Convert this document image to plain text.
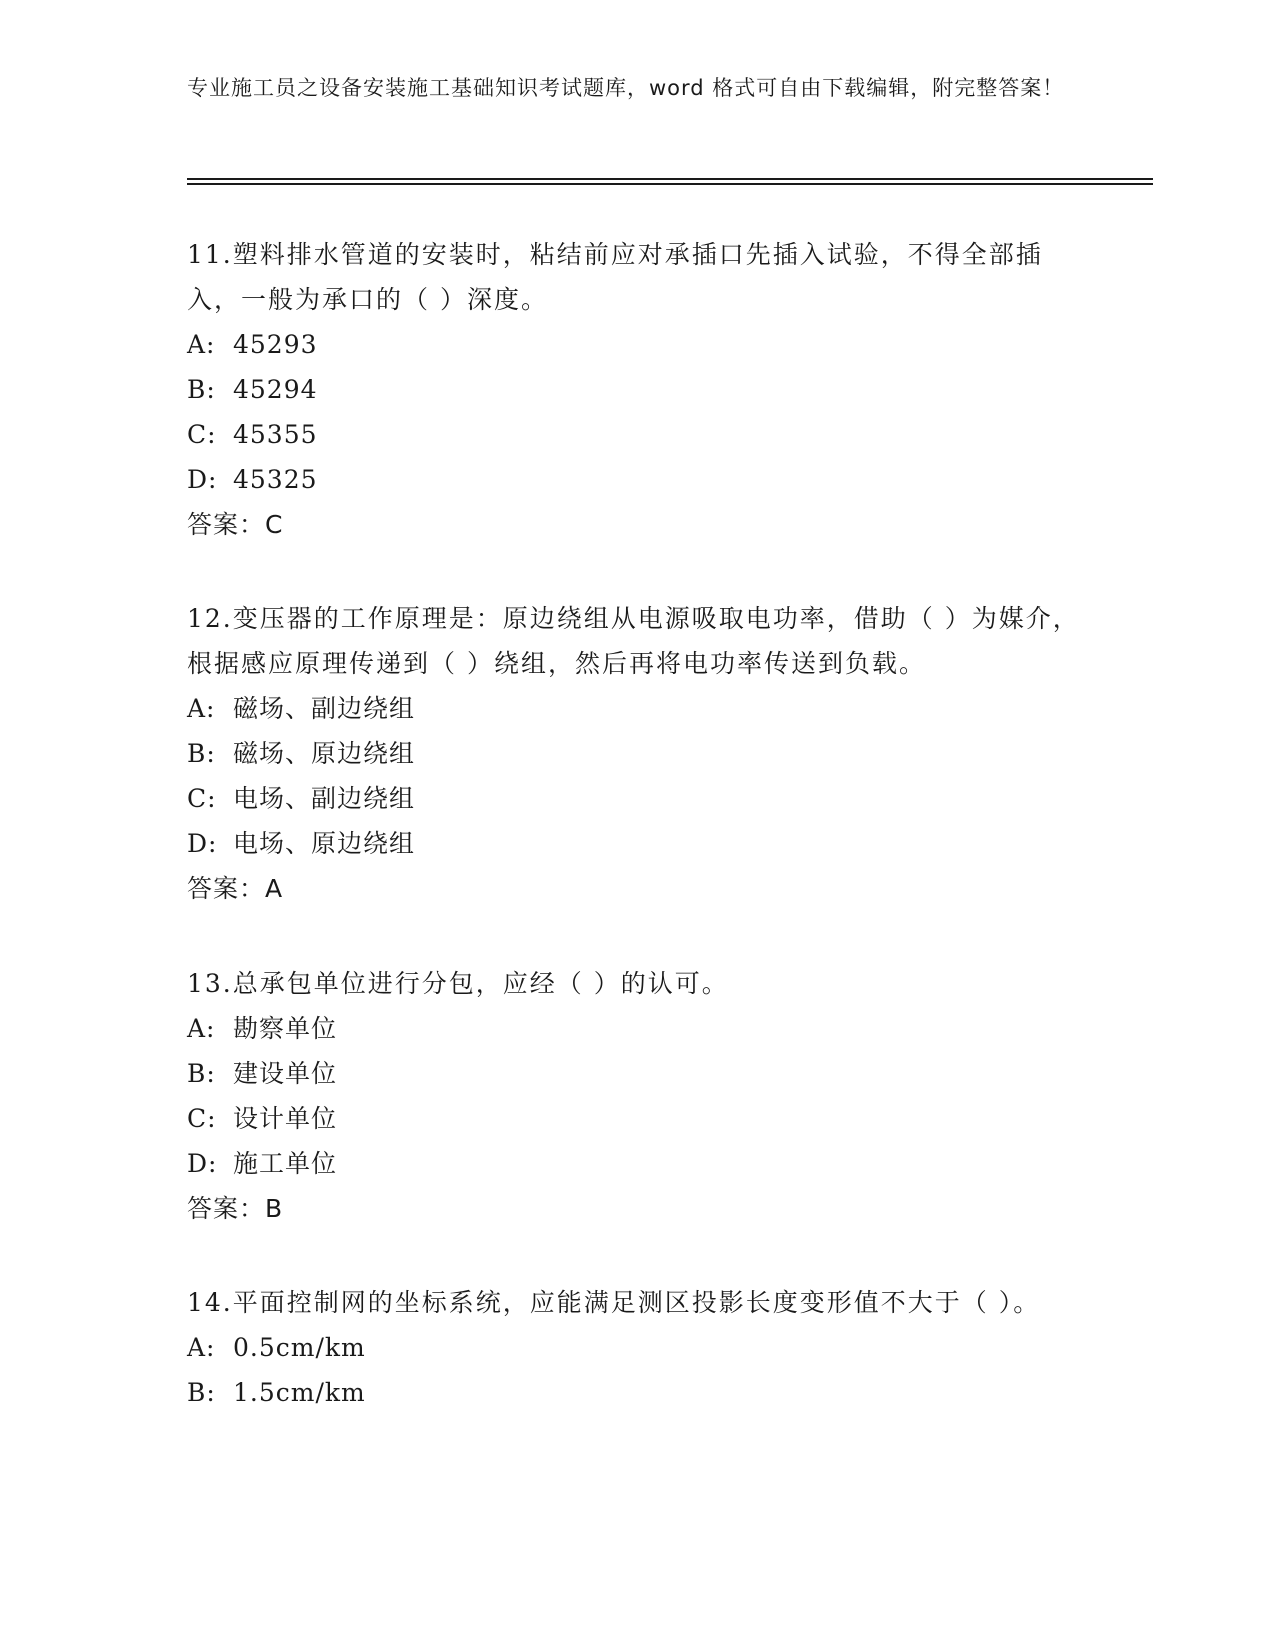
专业施工员之设备安装施工基础知识考试题库，word 格式可自由下载编辑，附完整答案！

11.塑料排水管道的安装时，粘结前应对承插口先插入试验，不得全部插入，一般为承口的（ ）深度。

A: 45293

B: 45294

C: 45355

D: 45325

答案：C

12.变压器的工作原理是：原边绕组从电源吸取电功率，借助（ ）为媒介，根据感应原理传递到（ ）绕组，然后再将电功率传送到负载。

A: 磁场、副边绕组

B: 磁场、原边绕组

C: 电场、副边绕组

D: 电场、原边绕组

答案：A

13.总承包单位进行分包，应经（ ）的认可。

A: 勘察单位

B: 建设单位

C: 设计单位

D: 施工单位

答案：B

14.平面控制网的坐标系统，应能满足测区投影长度变形值不大于（ ）。

A: 0.5cm/km

B: 1.5cm/km
